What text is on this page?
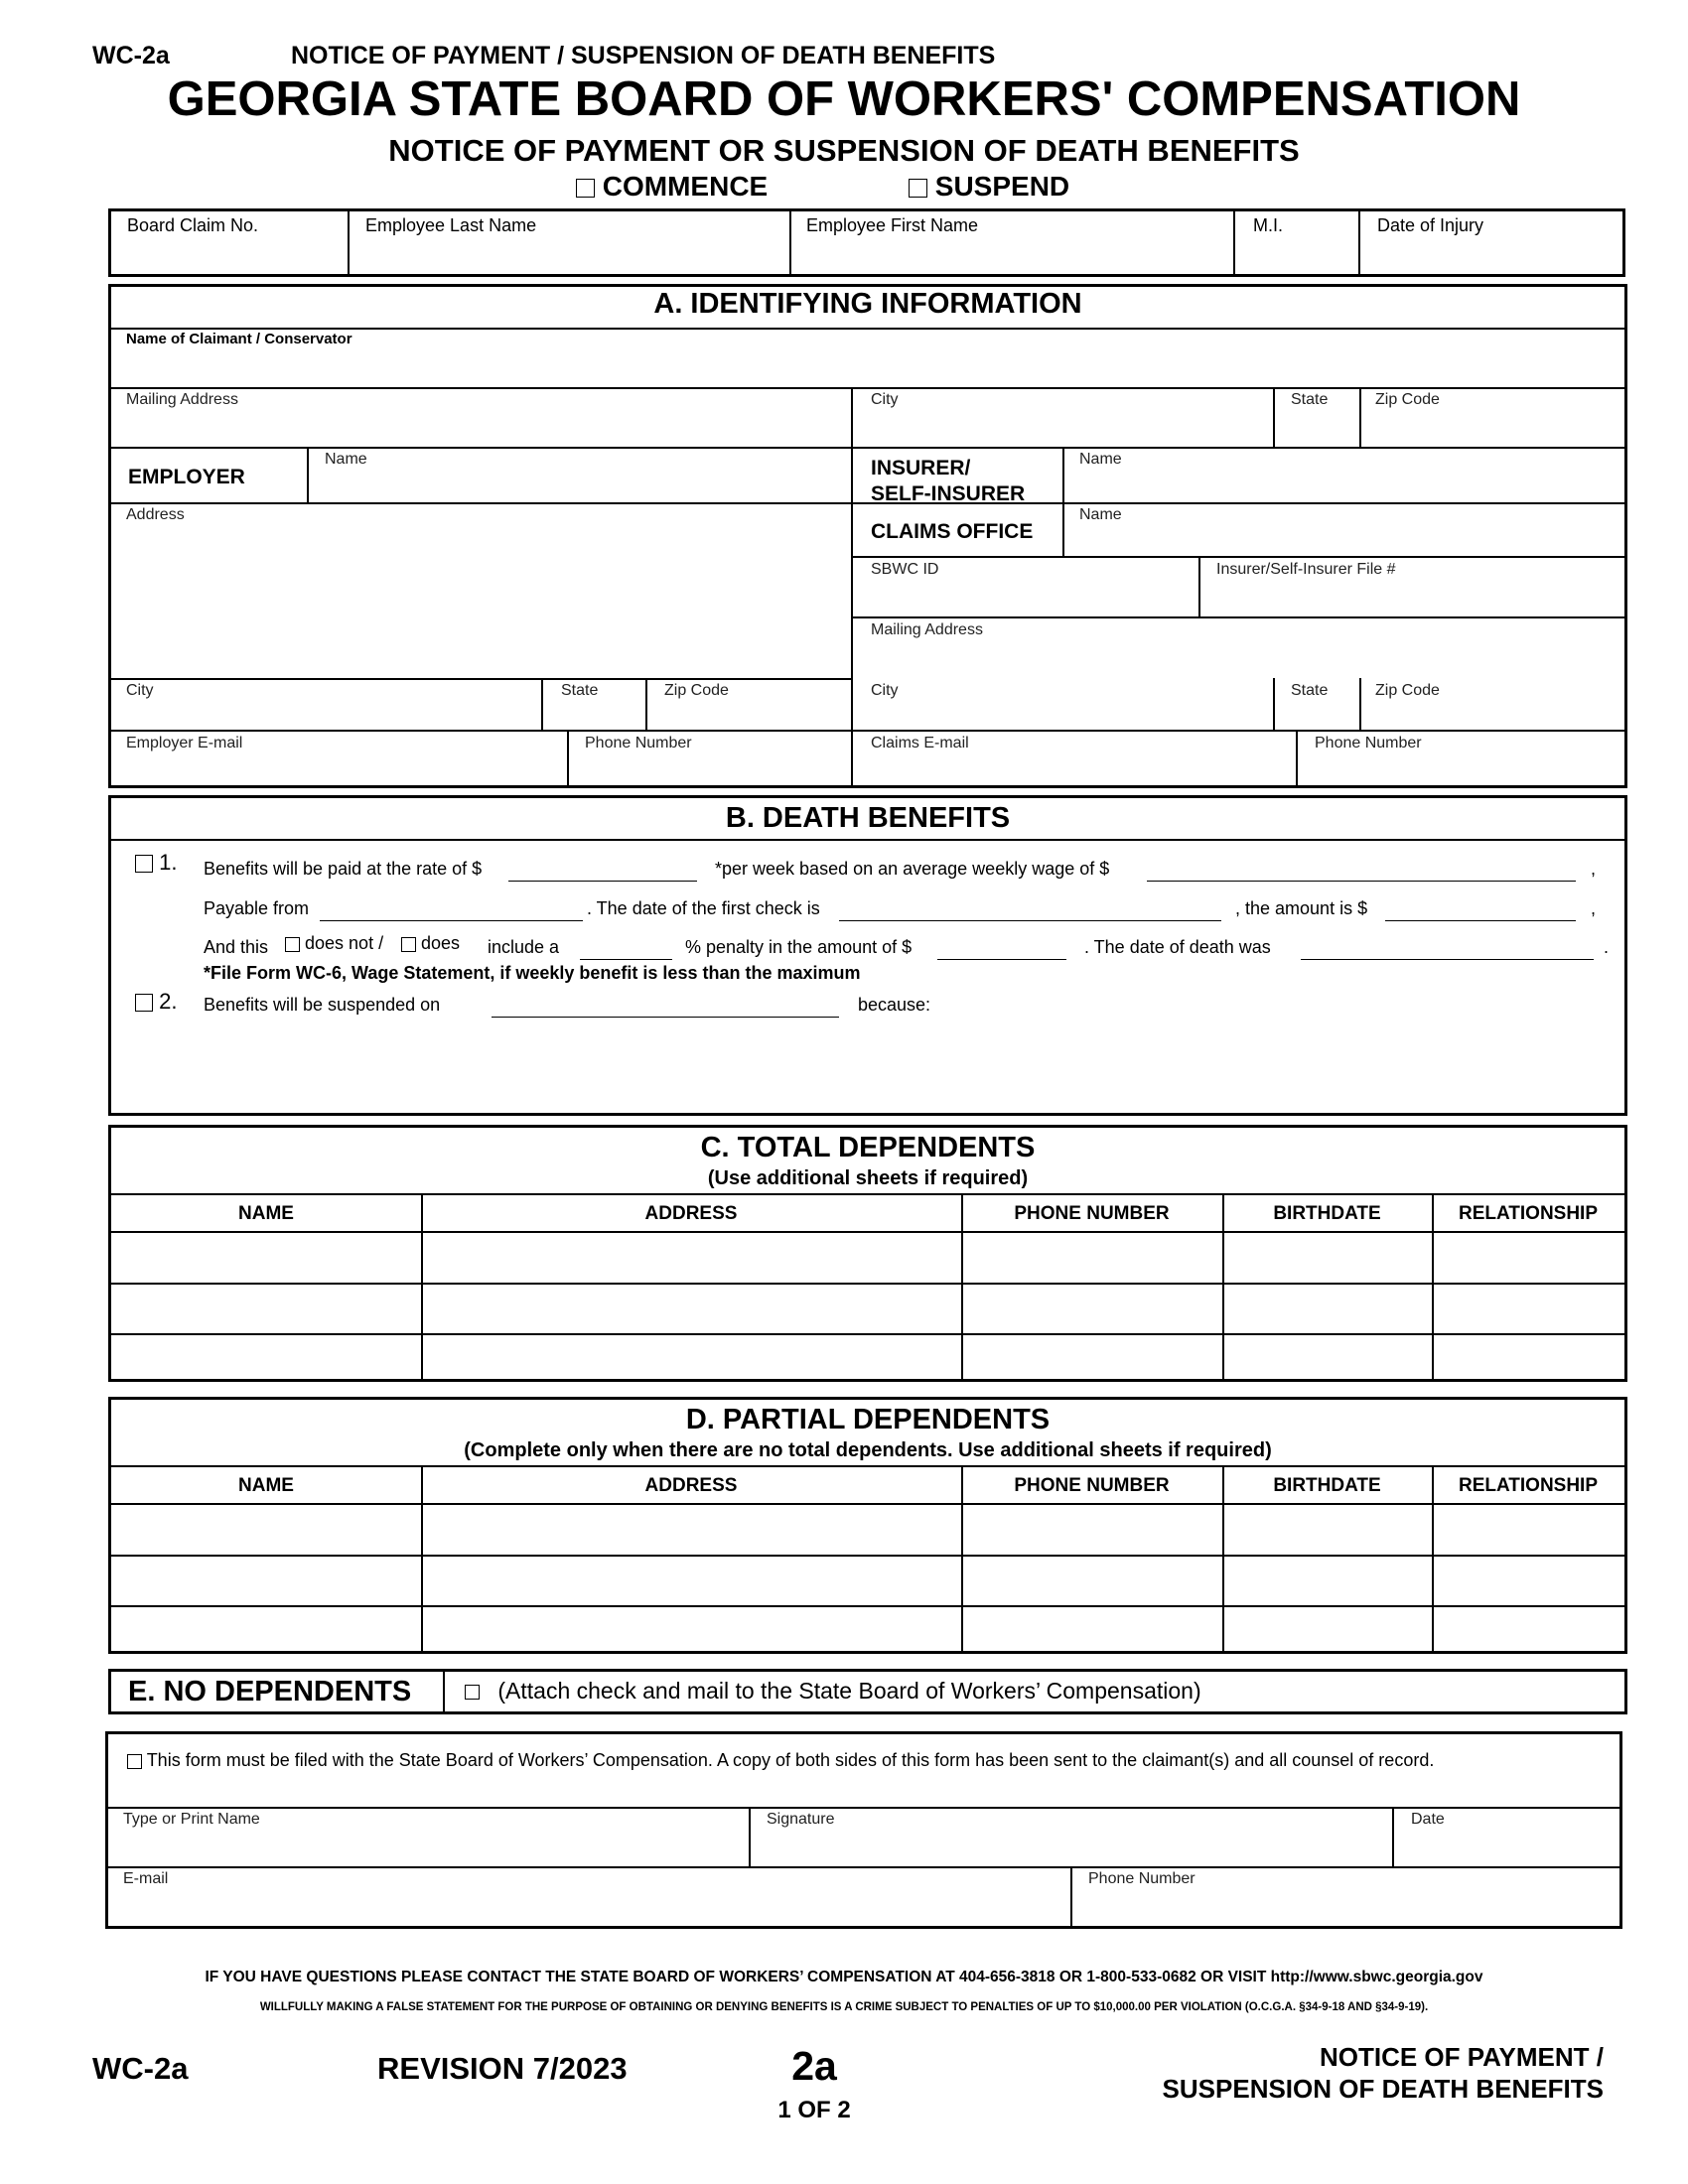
WC-2a	NOTICE OF PAYMENT / SUSPENSION OF DEATH BENEFITS
GEORGIA STATE BOARD OF WORKERS' COMPENSATION
NOTICE OF PAYMENT OR SUSPENSION OF DEATH BENEFITS
COMMENCE	SUSPEND
Board Claim No.	Employee Last Name	Employee First Name	M.I.	Date of Injury
A. IDENTIFYING INFORMATION
Name of Claimant / Conservator
Mailing Address	City	State	Zip Code
EMPLOYER
Name
Address
City	State	Zip Code
Employer E-mail	Phone Number
INSURER/
SELF-INSURER
Name
CLAIMS OFFICE
Name
SBWC ID	Insurer/Self-Insurer File #
Mailing Address
City	State	Zip Code
Claims E-mail	Phone Number
B. DEATH BENEFITS
1. Benefits will be paid at the rate of $	*per week based on an average weekly wage of $	,
Payable from	. The date of the first check is	, the amount is $	,
And this	does not /	does include a	% penalty in the amount of $	. The date of death was	.
*File Form WC-6, Wage Statement, if weekly benefit is less than the maximum
2. Benefits will be suspended on	because:
C. TOTAL DEPENDENTS
(Use additional sheets if required)
NAME	ADDRESS	PHONE NUMBER	BIRTHDATE	RELATIONSHIP
D. PARTIAL DEPENDENTS
(Complete only when there are no total dependents. Use additional sheets if required)
NAME	ADDRESS	PHONE NUMBER	BIRTHDATE	RELATIONSHIP
E. NO DEPENDENTS	(Attach check and mail to the State Board of Workers’ Compensation)
This form must be filed with the State Board of Workers’ Compensation. A copy of both sides of this form has been sent to the claimant(s) and all counsel of record.
Type or Print Name	Signature	Date
E-mail	Phone Number
IF YOU HAVE QUESTIONS PLEASE CONTACT THE STATE BOARD OF WORKERS’ COMPENSATION AT 404-656-3818 OR 1-800-533-0682 OR VISIT http://www.sbwc.georgia.gov
WILLFULLY MAKING A FALSE STATEMENT FOR THE PURPOSE OF OBTAINING OR DENYING BENEFITS IS A CRIME SUBJECT TO PENALTIES OF UP TO $10,000.00 PER VIOLATION (O.C.G.A. §34-9-18 AND §34-9-19).
WC-2a	REVISION 7/2023	2a
1 OF 2
NOTICE OF PAYMENT /
SUSPENSION OF DEATH BENEFITS
